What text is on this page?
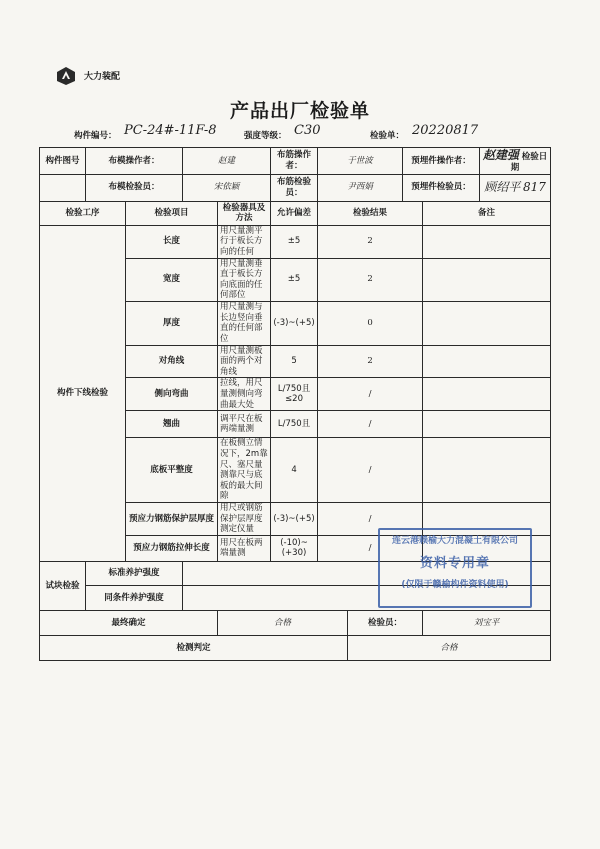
大力装配
产品出厂检验单
构件编号： PC-24#-11F-8	强度等级： C30	检验单： 20220817
构件图号	布模操作者：		赵建		布筋操作者：	于世波		预埋件操作者：		赵建强 检验日期
	布模检验员：		宋依颖		布筋检验员：	尹西娟		预埋件检验员：		顾绍平 817
检验工序		检验项目		检验器具及方法	允许偏差	检验结果			备注	
构件下线检验		长度		用尺量测平行于板长方向的任何	±5	2				
		宽度		用尺量测垂直于板长方向底面的任何部位	±5	2				
		厚度		用尺量测与长边竖向垂直的任何部位	(-3)~(+5)	0				
		对角线		用尺量测板面的两个对角线	5	2				
		侧向弯曲		拉线，用尺量测侧向弯曲最大处	L/750且≤20	/				
		翘曲		调平尺在板两端量测	L/750且	/				
		底板平整度		在板侧立情况下，2m靠尺、塞尺量测靠尺与底板的最大间隙	4	/				
		预应力钢筋保护层厚度		用尺或钢筋保护层厚度测定仪量	(-3)~(+5)	/				
		预应力钢筋拉伸长度		用尺在板两端量测	(-10)~(+30)	/				
试块检验	标准养护强度									
	同条件养护强度									
最终确定				合格			检验员：		刘宝平	
检测判定							合格			
连云港赖榆大力混凝土有限公司
资料专用章
(仅限于赣榆构件资料使用)
